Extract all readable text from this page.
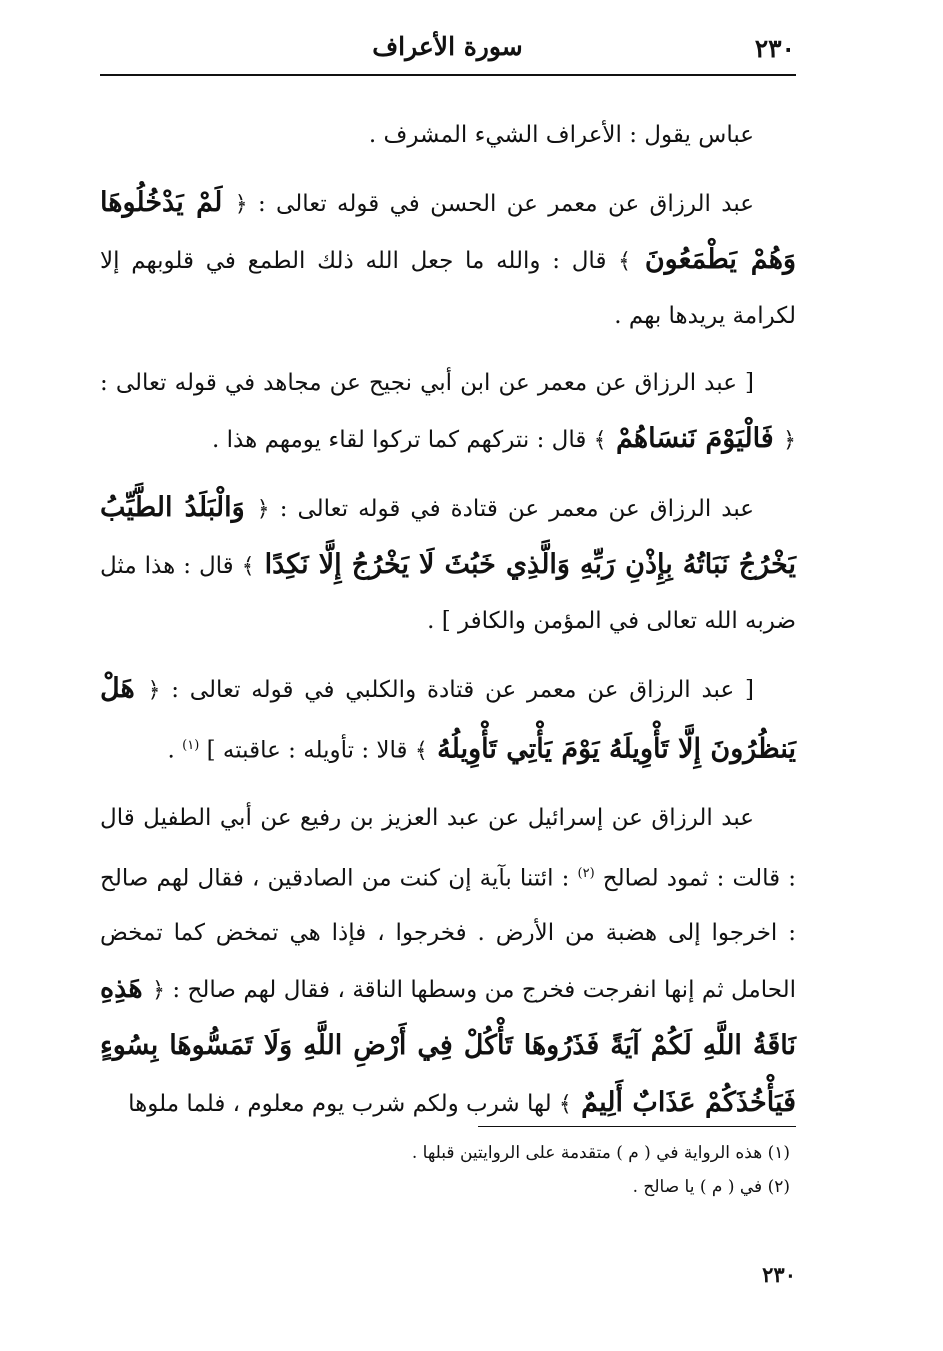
٢٣٠
سورة الأعراف

عباس يقول : الأعراف الشيء المشرف .

عبد الرزاق عن معمر عن الحسن في قوله تعالى : ﴿ لَمْ يَدْخُلُوهَا وَهُمْ يَطْمَعُونَ ﴾ قال : والله ما جعل الله ذلك الطمع في قلوبهم إلا لكرامة يريدها بهم .

[ عبد الرزاق عن معمر عن ابن أبي نجيح عن مجاهد في قوله تعالى : ﴿ فَالْيَوْمَ نَنسَاهُمْ ﴾ قال : نتركهم كما تركوا لقاء يومهم هذا .

عبد الرزاق عن معمر عن قتادة في قوله تعالى : ﴿ وَالْبَلَدُ الطَّيِّبُ يَخْرُجُ نَبَاتُهُ بِإِذْنِ رَبِّهِ وَالَّذِي خَبُثَ لَا يَخْرُجُ إِلَّا نَكِدًا ﴾ قال : هذا مثل ضربه الله تعالى في المؤمن والكافر ] .

[ عبد الرزاق عن معمر عن قتادة والكلبي في قوله تعالى : ﴿ هَلْ يَنظُرُونَ إِلَّا تَأْوِيلَهُ يَوْمَ يَأْتِي تَأْوِيلُهُ ﴾ قالا : تأويله : عاقبته ] $^{(١)}$ .

عبد الرزاق عن إسرائيل عن عبد العزيز بن رفيع عن أبي الطفيل قال : قالت : ثمود لصالح $^{(٢)}$ : ائتنا بآية إن كنت من الصادقين ، فقال لهم صالح : اخرجوا إلى هضبة من الأرض . فخرجوا ، فإذا هي تمخض كما تمخض الحامل ثم إنها انفرجت فخرج من وسطها الناقة ، فقال لهم صالح : ﴿ هَذِهِ نَاقَةُ اللَّهِ لَكُمْ آيَةً فَذَرُوهَا تَأْكُلْ فِي أَرْضِ اللَّهِ وَلَا تَمَسُّوهَا بِسُوءٍ فَيَأْخُذَكُمْ عَذَابٌ أَلِيمٌ ﴾ لها شرب ولكم شرب يوم معلوم ، فلما ملوها

(١) هذه الرواية في ( م ) متقدمة على الروايتين قبلها .
(٢) في ( م ) يا صالح .
٢٣٠
